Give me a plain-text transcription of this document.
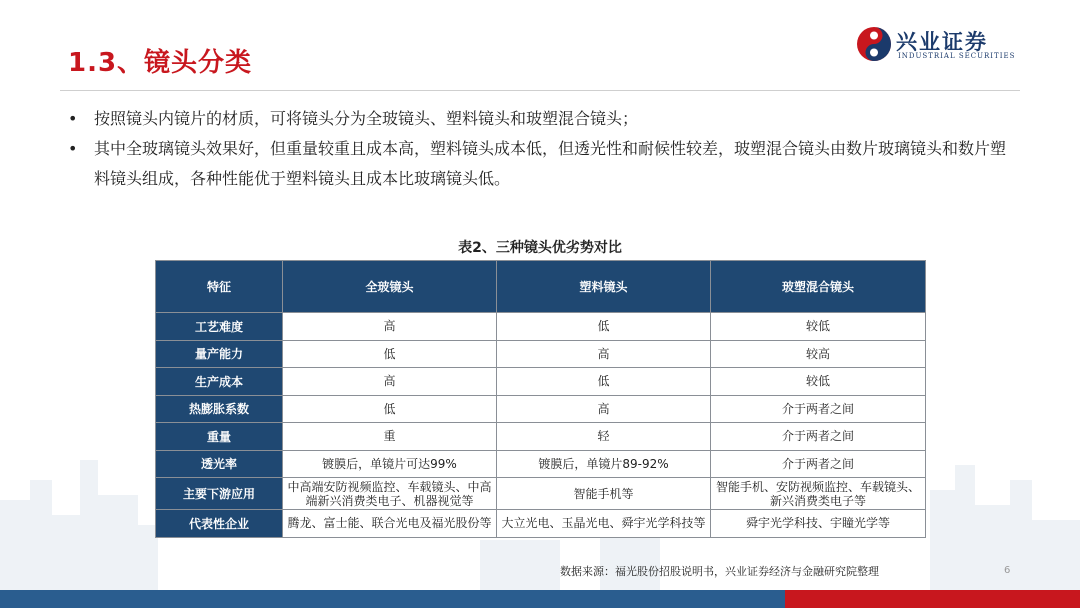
1.3、镜头分类
兴业证券
INDUSTRIAL SECURITIES
• 按照镜头内镜片的材质，可将镜头分为全玻镜头、塑料镜头和玻塑混合镜头；
• 其中全玻璃镜头效果好，但重量较重且成本高，塑料镜头成本低，但透光性和耐候性较差，玻塑混合镜头由数片玻璃镜头和数片塑料镜头组成，各种性能优于塑料镜头且成本比玻璃镜头低。
表2、三种镜头优劣势对比
特征	全玻镜头	塑料镜头	玻塑混合镜头
工艺难度	高	低	较低
量产能力	低	高	较高
生产成本	高	低	较低
热膨胀系数	低	高	介于两者之间
重量	重	轻	介于两者之间
透光率	镀膜后，单镜片可达99%	镀膜后，单镜片89-92%	介于两者之间
主要下游应用	中高端安防视频监控、车载镜头、中高端新兴消费类电子、机器视觉等	智能手机等	智能手机、安防视频监控、车载镜头、新兴消费类电子等
代表性企业	腾龙、富士能、联合光电及福光股份等	大立光电、玉晶光电、舜宇光学科技等	舜宇光学科技、宇瞳光学等
数据来源：福光股份招股说明书，兴业证券经济与金融研究院整理	6
